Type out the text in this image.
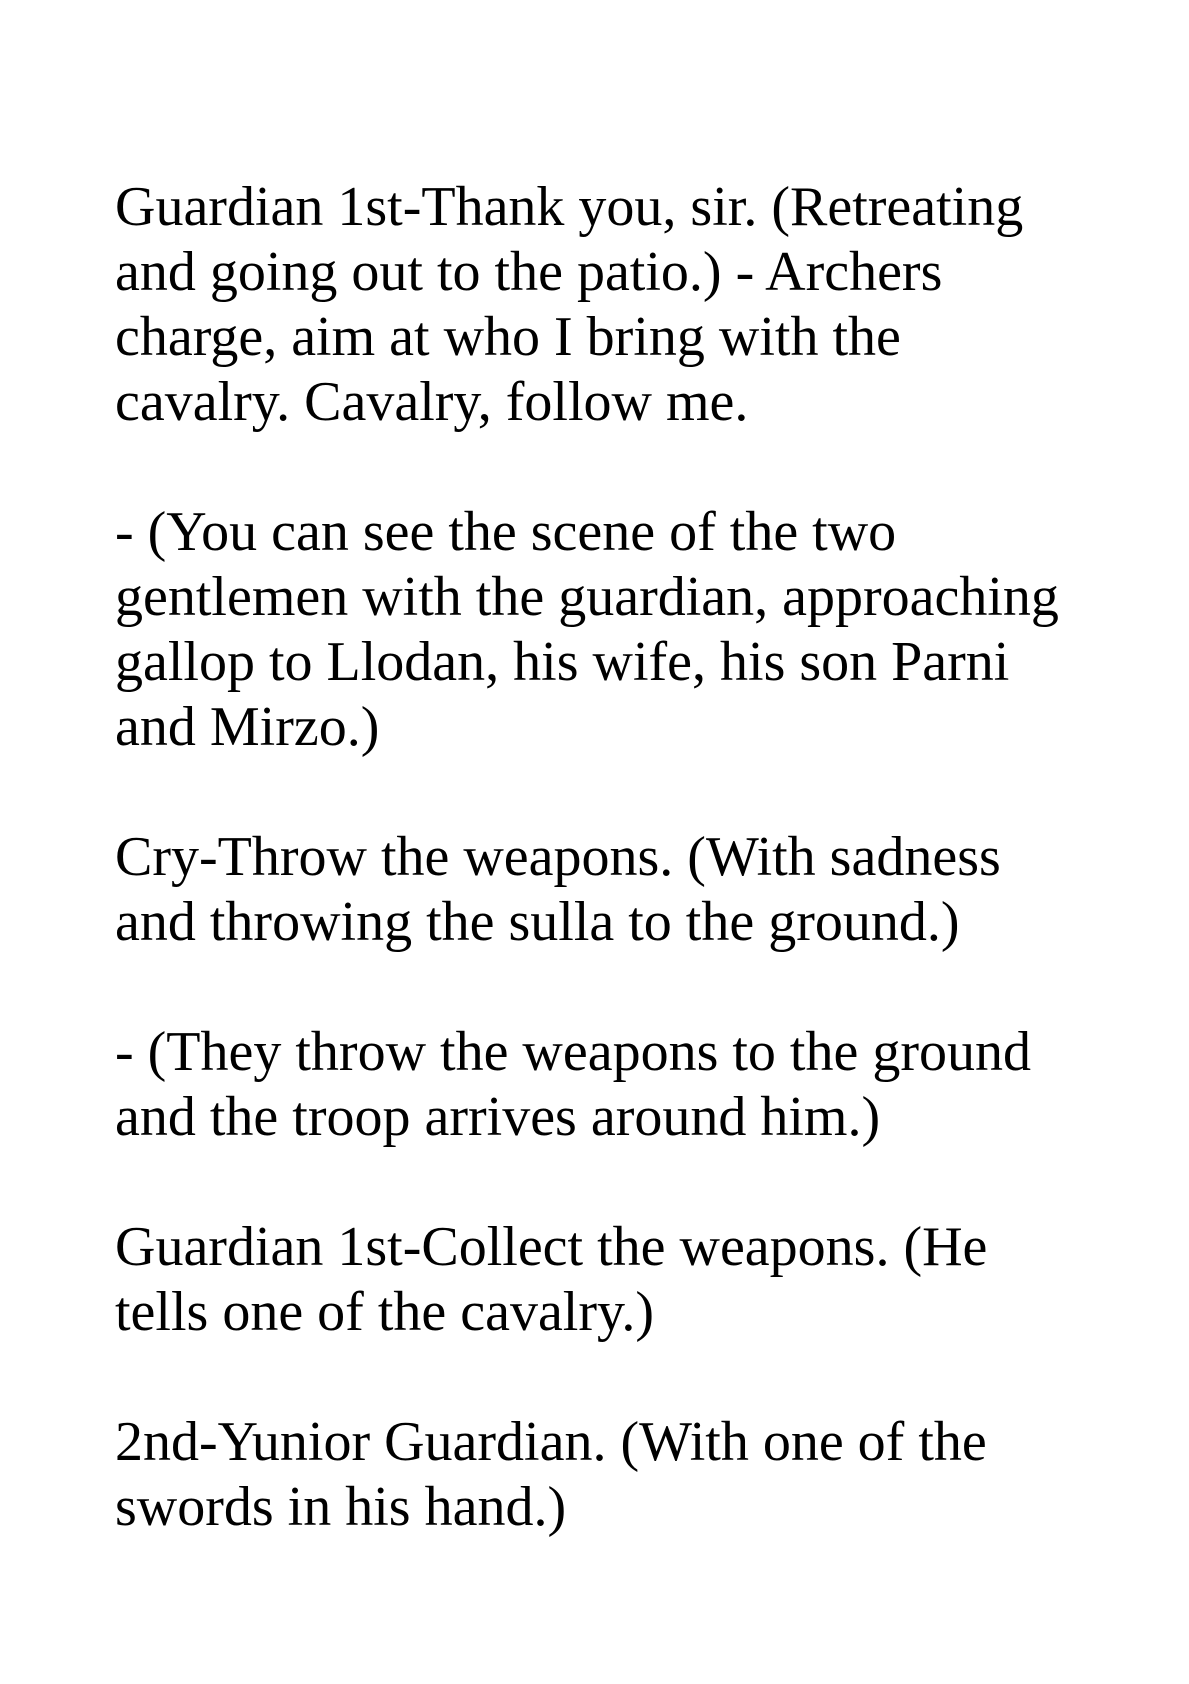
Guardian 1st-Thank you, sir. (Retreating
and going out to the patio.) - Archers
charge, aim at who I bring with the
cavalry. Cavalry, follow me.

- (You can see the scene of the two
gentlemen with the guardian, approaching
gallop to Llodan, his wife, his son Parni
and Mirzo.)

Cry-Throw the weapons. (With sadness
and throwing the sulla to the ground.)

- (They throw the weapons to the ground
and the troop arrives around him.)

Guardian 1st-Collect the weapons. (He
tells one of the cavalry.)

2nd-Yunior Guardian. (With one of the
swords in his hand.)
